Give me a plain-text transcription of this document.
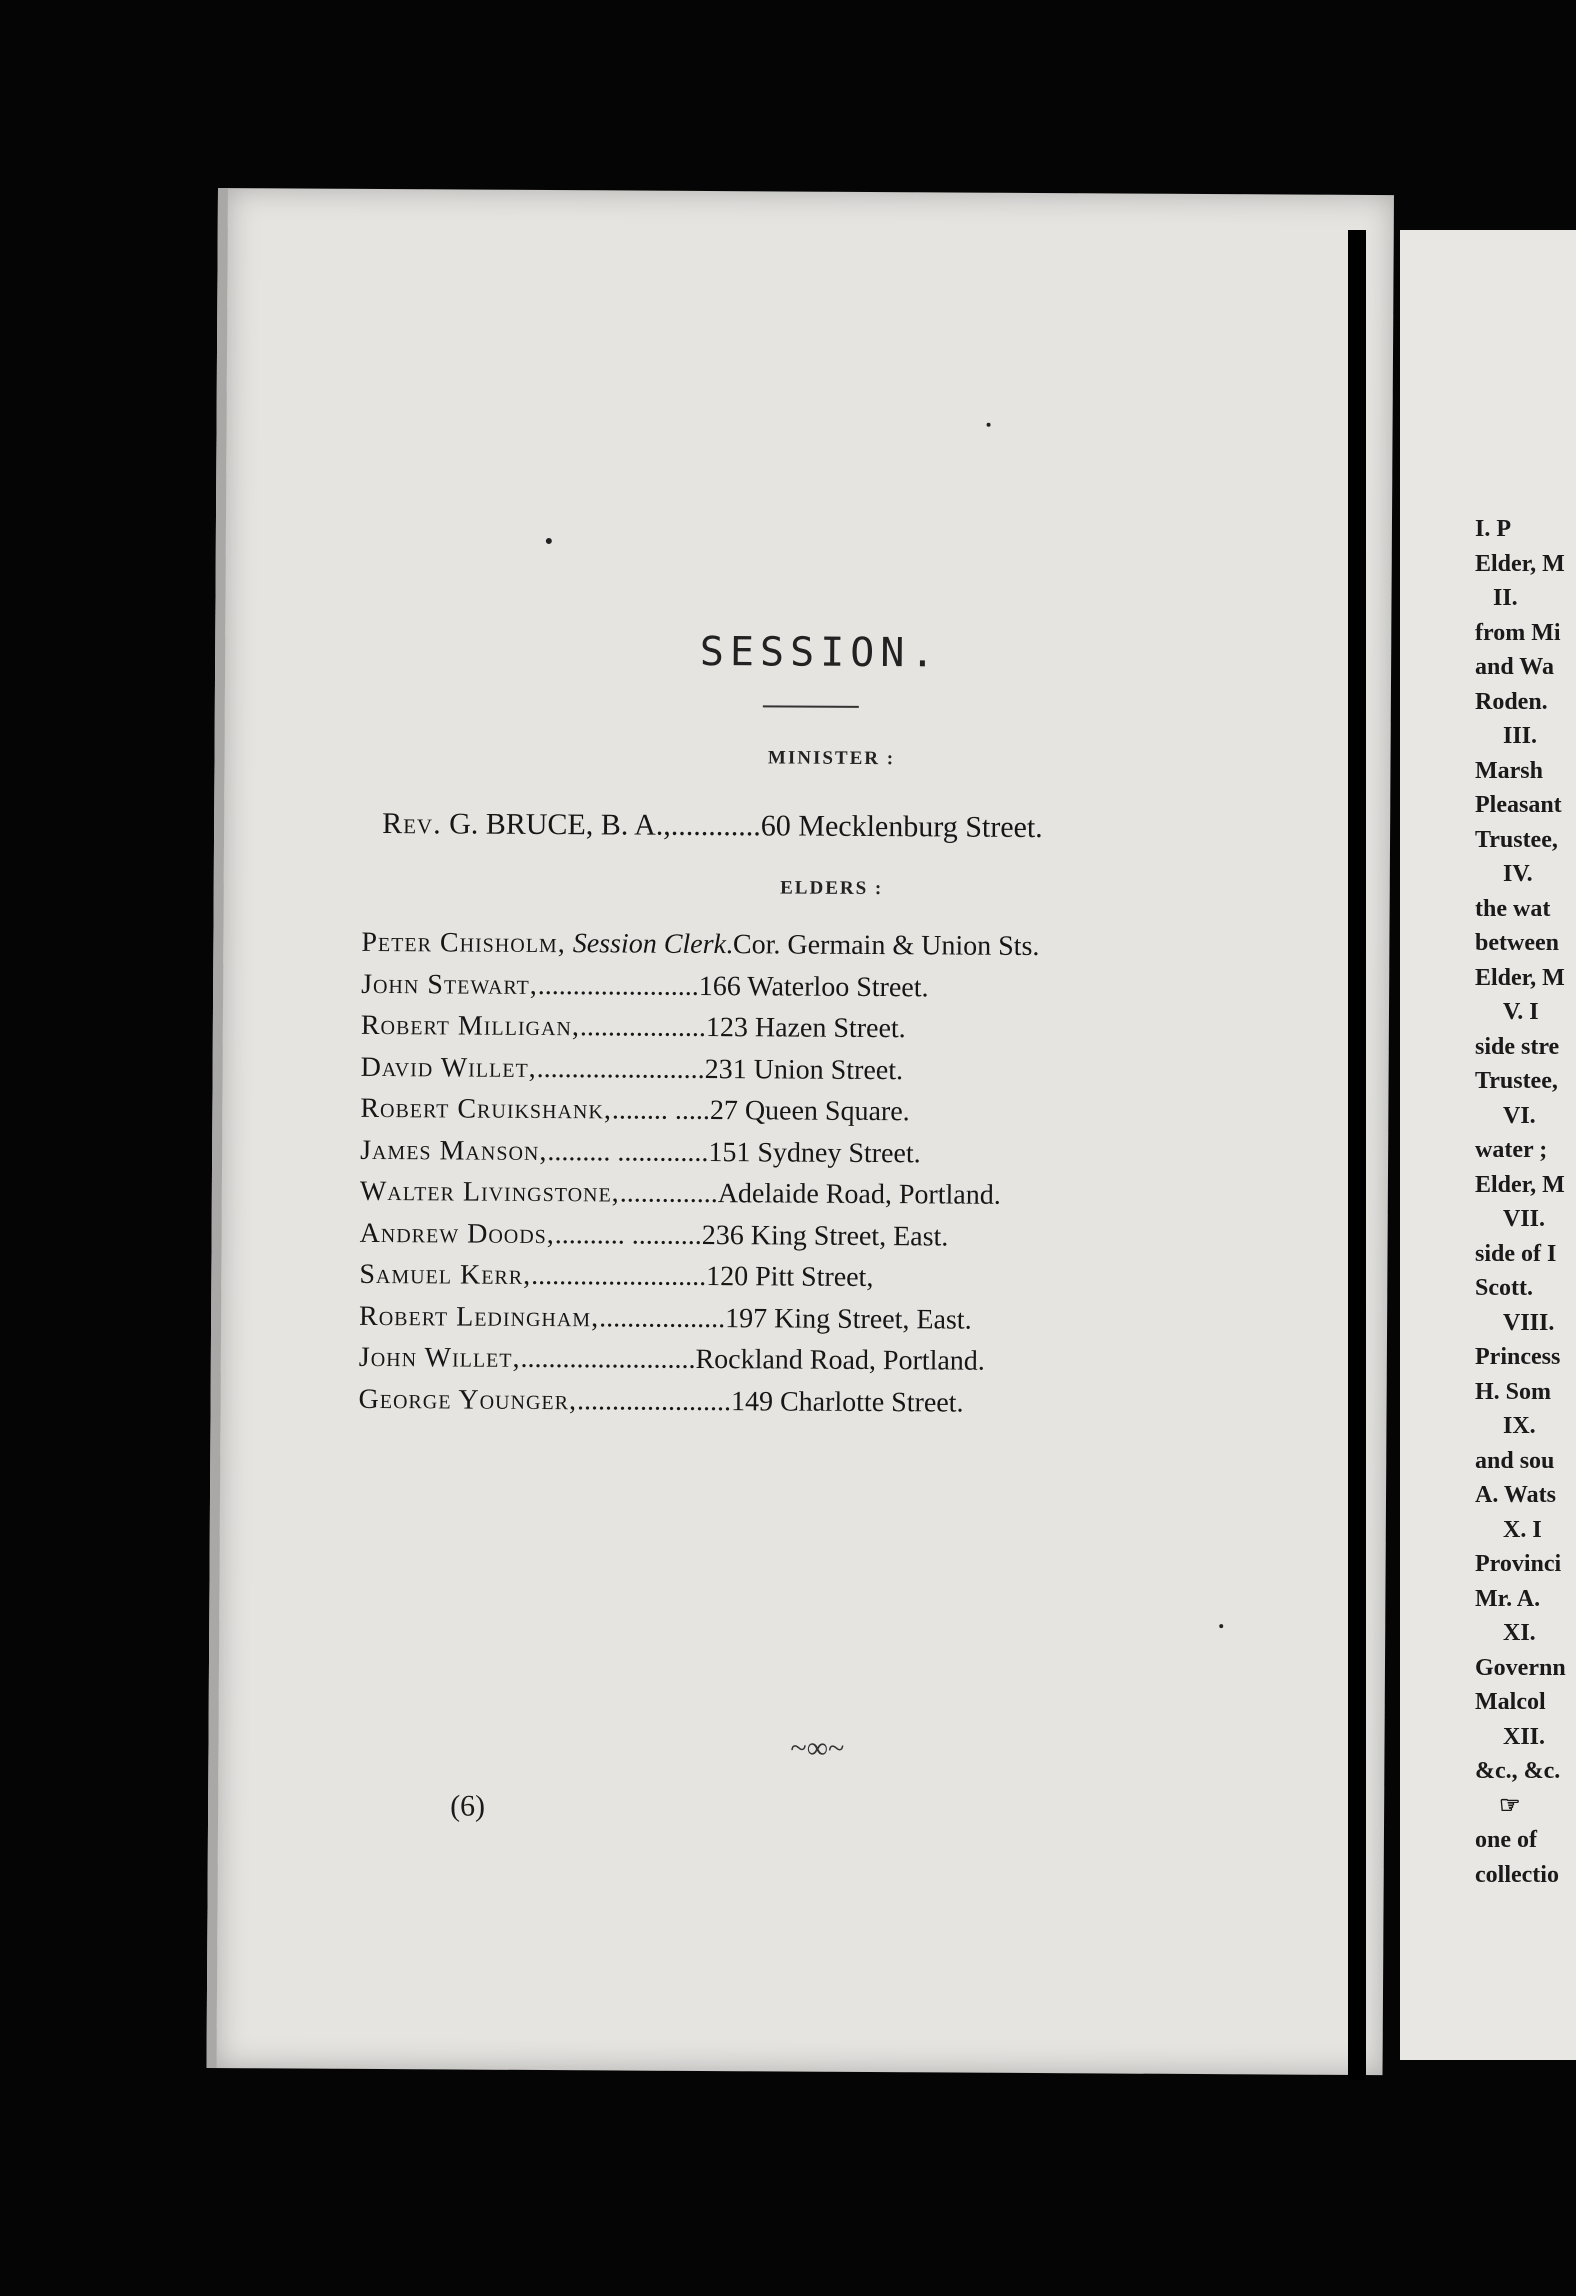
SESSION.
MINISTER :
Rev. G. BRUCE, B. A.,............60 Mecklenburg Street.
ELDERS :
Peter Chisholm, Session Clerk.Cor. Germain & Union Sts.
John Stewart,.......................166 Waterloo Street.
Robert Milligan,..................123 Hazen Street.
David Willet,........................231 Union Street.
Robert Cruikshank,........ .....27 Queen Square.
James Manson,......... .............151 Sydney Street.
Walter Livingstone,..............Adelaide Road, Portland.
Andrew Doods,.......... ..........236 King Street, East.
Samuel Kerr,.........................120 Pitt Street,
Robert Ledingham,..................197 King Street, East.
John Willet,.........................Rockland Road, Portland.
George Younger,......................149 Charlotte Street.
~∞~
(6)
I. P
Elder, M
II.
from Mi
and Wa
Roden.
III.
Marsh
Pleasant
Trustee,
IV.
the wat
between
Elder, M
V. I
side stre
Trustee,
VI.
water ;
Elder, M
VII.
side of I
Scott.
VIII.
Princess
H. Som
IX.
and sou
A. Wats
X. I
Provinci
Mr. A.
XI.
Governn
Malcol
XII.
&c., &c.
☞
one of
collectio
